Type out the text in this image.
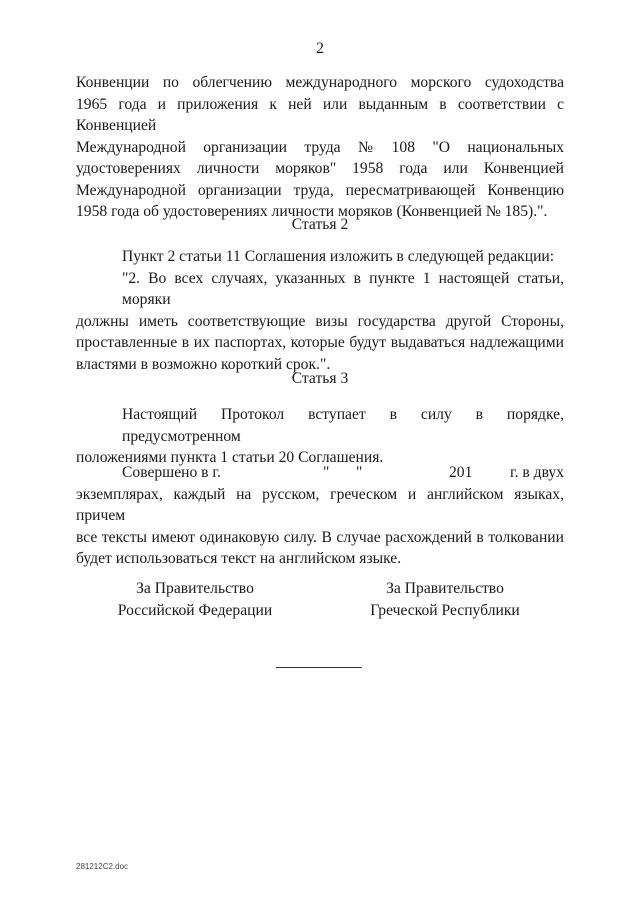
2
Конвенции по облегчению международного морского судоходства
1965 года и приложения к ней или выданным в соответствии с Конвенцией
Международной организации труда № 108 "О национальных
удостоверениях личности моряков" 1958 года или Конвенцией
Международной организации труда, пересматривающей Конвенцию
1958 года об удостоверениях личности моряков (Конвенцией № 185).".
Статья 2
Пункт 2 статьи 11 Соглашения изложить в следующей редакции:
"2. Во всех случаях, указанных в пункте 1 настоящей статьи, моряки
должны иметь соответствующие визы государства другой Стороны,
проставленные в их паспортах, которые будут выдаваться надлежащими
властями в возможно короткий срок.".
Статья 3
Настоящий Протокол вступает в силу в порядке, предусмотренном
положениями пункта 1 статьи 20 Соглашения.
Совершено в г.	" "	201 г. в двух
экземплярах, каждый на русском, греческом и английском языках, причем
все тексты имеют одинаковую силу. В случае расхождений в толковании
будет использоваться текст на английском языке.
За Правительство
Российской Федерации
За Правительство
Греческой Республики
281212C2.doc
